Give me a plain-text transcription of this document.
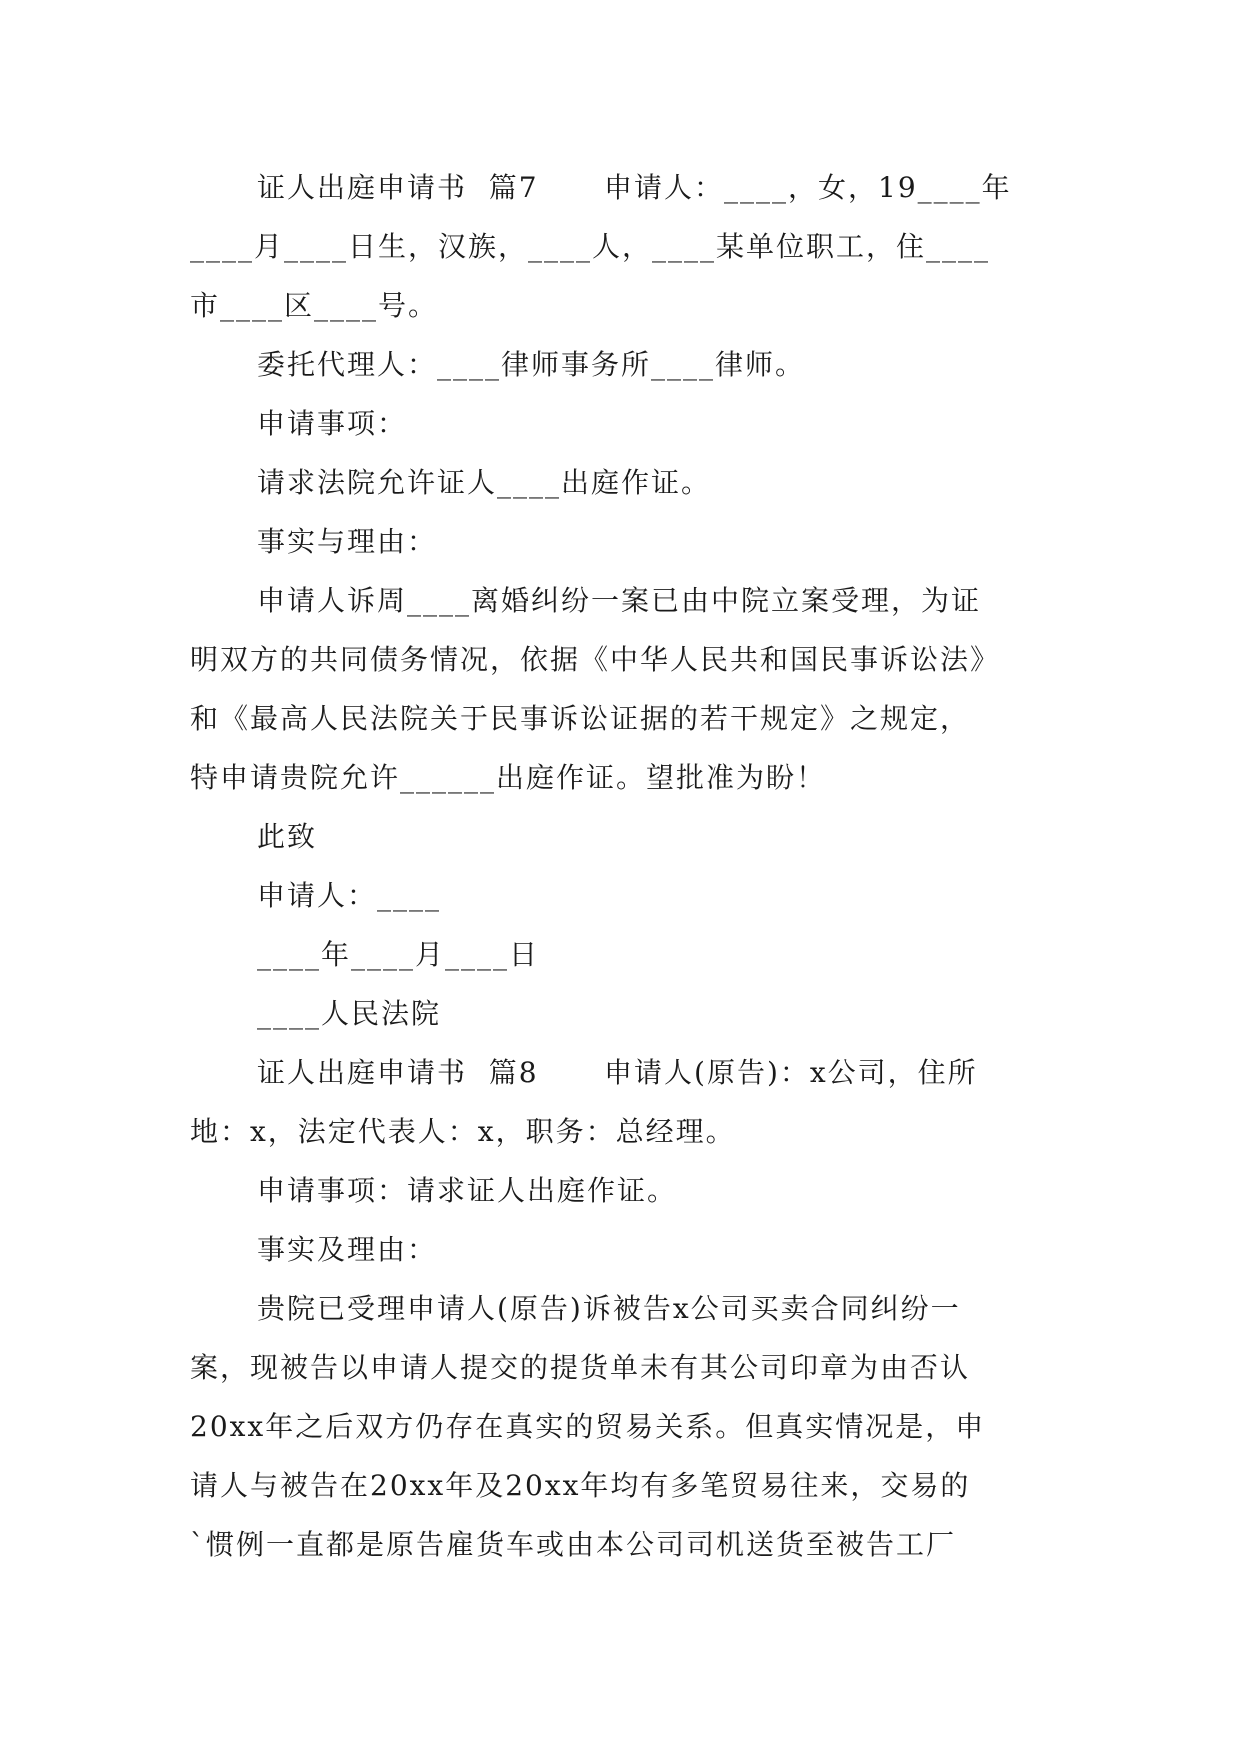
证人出庭申请书  篇7      申请人：____，女，19____年
____月____日生，汉族，____人，____某单位职工，住____
市____区____号。
委托代理人：____律师事务所____律师。
申请事项：
请求法院允许证人____出庭作证。
事实与理由：
申请人诉周____离婚纠纷一案已由中院立案受理，为证
明双方的共同债务情况，依据《中华人民共和国民事诉讼法》
和《最高人民法院关于民事诉讼证据的若干规定》之规定，
特申请贵院允许______出庭作证。望批准为盼！
此致
申请人：____
____年____月____日
____人民法院
证人出庭申请书  篇8      申请人(原告)：x公司，住所
地：x，法定代表人：x，职务：总经理。
申请事项：请求证人出庭作证。
事实及理由：
贵院已受理申请人(原告)诉被告x公司买卖合同纠纷一
案，现被告以申请人提交的提货单未有其公司印章为由否认
20xx年之后双方仍存在真实的贸易关系。但真实情况是，申
请人与被告在20xx年及20xx年均有多笔贸易往来，交易的
`惯例一直都是原告雇货车或由本公司司机送货至被告工厂
